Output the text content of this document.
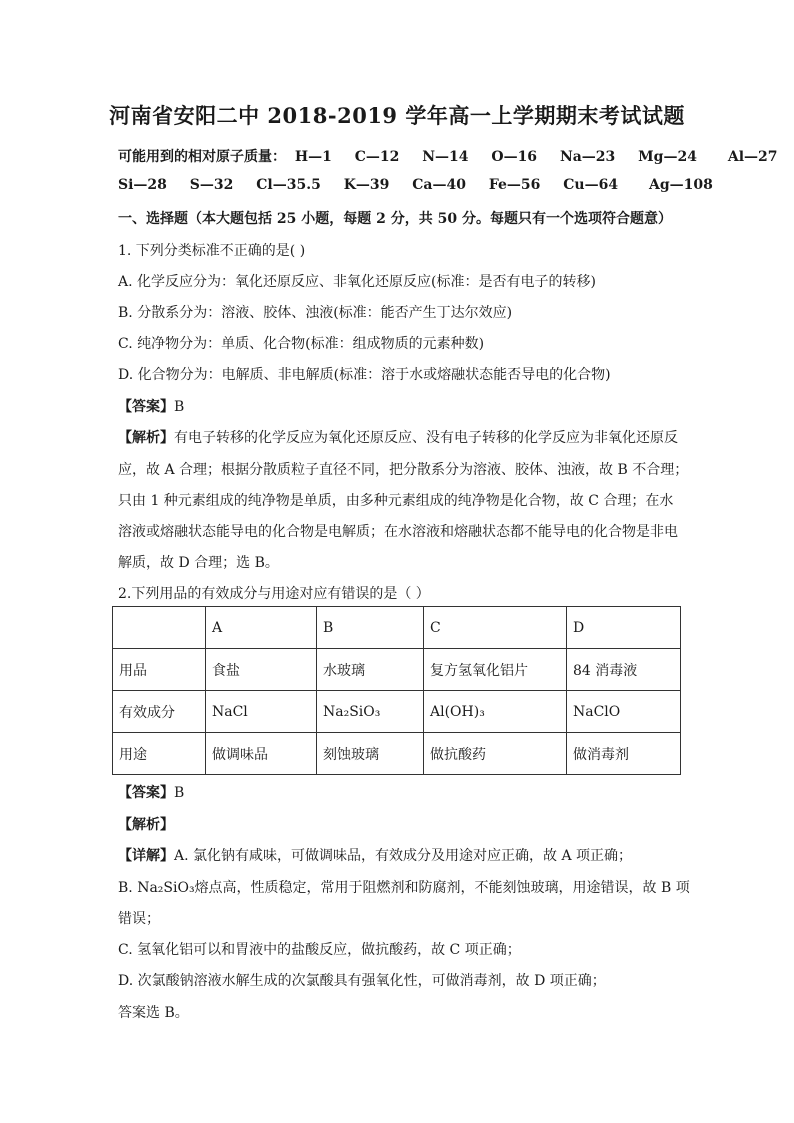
河南省安阳二中 2018-2019 学年高一上学期期末考试试题
可能用到的相对原子质量： H—1 C—12 N—14 O—16 Na—23 Mg—24 Al—27
Si—28 S—32 Cl—35.5 K—39 Ca—40 Fe—56 Cu—64 Ag—108
一、选择题（本大题包括 25 小题，每题 2 分，共 50 分。每题只有一个选项符合题意）
1. 下列分类标准不正确的是( )
A. 化学反应分为：氧化还原反应、非氧化还原反应(标准：是否有电子的转移)
B. 分散系分为：溶液、胶体、浊液(标准：能否产生丁达尔效应)
C. 纯净物分为：单质、化合物(标准：组成物质的元素种数)
D. 化合物分为：电解质、非电解质(标准：溶于水或熔融状态能否导电的化合物)
【答案】B
【解析】有电子转移的化学反应为氧化还原反应、没有电子转移的化学反应为非氧化还原反
应，故 A 合理；根据分散质粒子直径不同，把分散系分为溶液、胶体、浊液，故 B 不合理；
只由 1 种元素组成的纯净物是单质，由多种元素组成的纯净物是化合物，故 C 合理；在水
溶液或熔融状态能导电的化合物是电解质；在水溶液和熔融状态都不能导电的化合物是非电
解质，故 D 合理；选 B。
2.下列用品的有效成分与用途对应有错误的是（ ）
	A	B	C	D
用品	食盐	水玻璃	复方氢氧化铝片	84 消毒液
有效成分	NaCl	Na₂SiO₃	Al(OH)₃	NaClO
用途	做调味品	刻蚀玻璃	做抗酸药	做消毒剂
【答案】B
【解析】
【详解】A. 氯化钠有咸味，可做调味品，有效成分及用途对应正确，故 A 项正确；
B. Na₂SiO₃熔点高，性质稳定，常用于阻燃剂和防腐剂，不能刻蚀玻璃，用途错误，故 B 项
错误；
C. 氢氧化铝可以和胃液中的盐酸反应，做抗酸药，故 C 项正确；
D. 次氯酸钠溶液水解生成的次氯酸具有强氧化性，可做消毒剂，故 D 项正确；
答案选 B。
